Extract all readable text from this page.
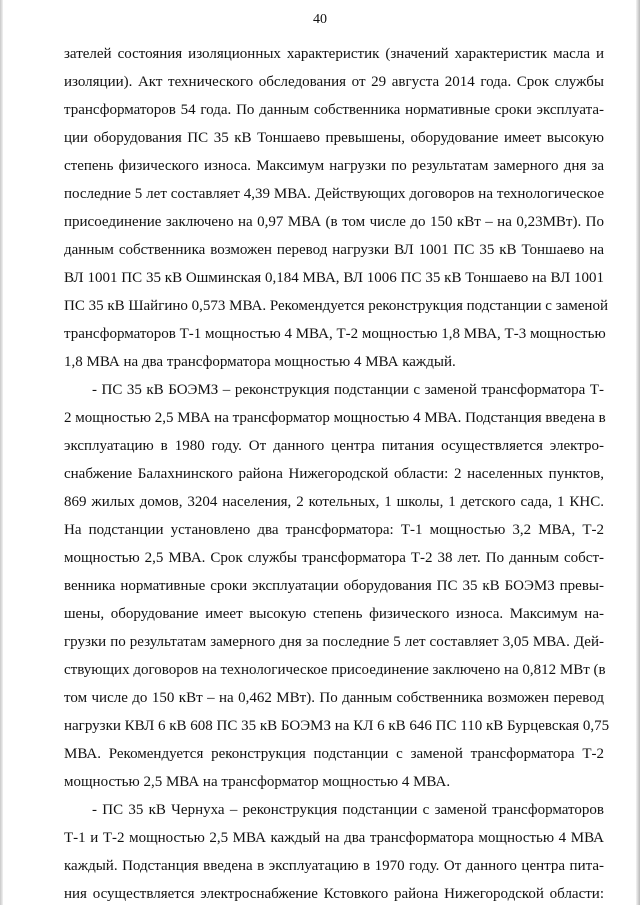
40
зателей состояния изоляционных характеристик (значений характеристик масла и
изоляции). Акт технического обследования от 29 августа 2014 года. Срок службы
трансформаторов 54 года. По данным собственника нормативные сроки эксплуата-
ции оборудования ПС 35 кВ Тоншаево превышены, оборудование имеет высокую
степень физического износа. Максимум нагрузки по результатам замерного дня за
последние 5 лет составляет 4,39 МВА. Действующих договоров на технологическое
присоединение заключено на 0,97 МВА (в том числе до 150 кВт – на 0,23МВт). По
данным собственника возможен перевод нагрузки ВЛ 1001 ПС 35 кВ Тоншаево на
ВЛ 1001 ПС 35 кВ Ошминская 0,184 МВА, ВЛ 1006 ПС 35 кВ Тоншаево на ВЛ 1001
ПС 35 кВ Шайгино 0,573 МВА. Рекомендуется реконструкция подстанции с заменой
трансформаторов Т-1 мощностью 4 МВА, Т-2 мощностью 1,8 МВА, Т-3 мощностью
1,8 МВА на два трансформатора мощностью 4 МВА каждый.
- ПС 35 кВ БОЭМЗ – реконструкция подстанции с заменой трансформатора Т-
2 мощностью 2,5 МВА на трансформатор мощностью 4 МВА. Подстанция введена в
эксплуатацию в 1980 году. От данного центра питания осуществляется электро-
снабжение Балахнинского района Нижегородской области: 2 населенных пунктов,
869 жилых домов, 3204 населения, 2 котельных, 1 школы, 1 детского сада, 1 КНС.
На подстанции установлено два трансформатора: Т-1 мощностью 3,2 МВА, Т-2
мощностью 2,5 МВА. Срок службы трансформатора Т-2 38 лет. По данным собст-
венника нормативные сроки эксплуатации оборудования ПС 35 кВ БОЭМЗ превы-
шены, оборудование имеет высокую степень физического износа. Максимум на-
грузки по результатам замерного дня за последние 5 лет составляет 3,05 МВА. Дей-
ствующих договоров на технологическое присоединение заключено на 0,812 МВт (в
том числе до 150 кВт – на 0,462 МВт). По данным собственника возможен перевод
нагрузки КВЛ 6 кВ 608 ПС 35 кВ БОЭМЗ на КЛ 6 кВ 646 ПС 110 кВ Бурцевская 0,75
МВА. Рекомендуется реконструкция подстанции с заменой трансформатора Т-2
мощностью 2,5 МВА на трансформатор мощностью 4 МВА.
- ПС 35 кВ Чернуха – реконструкция подстанции с заменой трансформаторов
Т-1 и Т-2 мощностью 2,5 МВА каждый на два трансформатора мощностью 4 МВА
каждый. Подстанция введена в эксплуатацию в 1970 году. От данного центра пита-
ния осуществляется электроснабжение Кстовкого района Нижегородской области:
